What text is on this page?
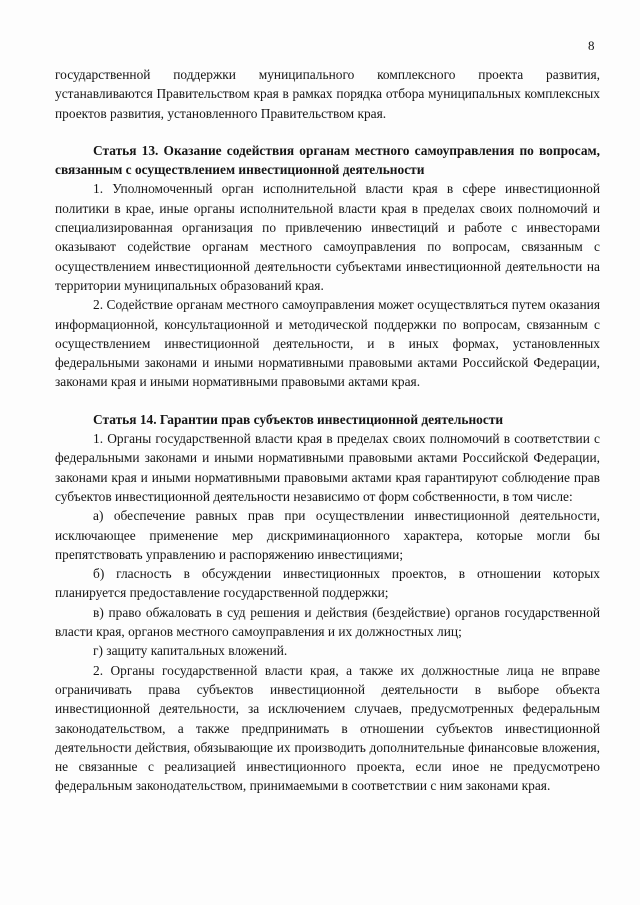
8

государственной поддержки муниципального комплексного проекта развития, устанавливаются Правительством края в рамках порядка отбора муниципальных комплексных проектов развития, установленного Правительством края.

Статья 13. Оказание содействия органам местного самоуправления по вопросам, связанным с осуществлением инвестиционной деятельности

1. Уполномоченный орган исполнительной власти края в сфере инвестиционной политики в крае, иные органы исполнительной власти края в пределах своих полномочий и специализированная организация по привлечению инвестиций и работе с инвесторами оказывают содействие органам местного самоуправления по вопросам, связанным с осуществлением инвестиционной деятельности субъектами инвестиционной деятельности на территории муниципальных образований края.

2. Содействие органам местного самоуправления может осуществляться путем оказания информационной, консультационной и методической поддержки по вопросам, связанным с осуществлением инвестиционной деятельности, и в иных формах, установленных федеральными законами и иными нормативными правовыми актами Российской Федерации, законами края и иными нормативными правовыми актами края.

Статья 14. Гарантии прав субъектов инвестиционной деятельности

1. Органы государственной власти края в пределах своих полномочий в соответствии с федеральными законами и иными нормативными правовыми актами Российской Федерации, законами края и иными нормативными правовыми актами края гарантируют соблюдение прав субъектов инвестиционной деятельности независимо от форм собственности, в том числе:

а) обеспечение равных прав при осуществлении инвестиционной деятельности, исключающее применение мер дискриминационного характера, которые могли бы препятствовать управлению и распоряжению инвестициями;

б) гласность в обсуждении инвестиционных проектов, в отношении которых планируется предоставление государственной поддержки;

в) право обжаловать в суд решения и действия (бездействие) органов государственной власти края, органов местного самоуправления и их должностных лиц;

г) защиту капитальных вложений.

2. Органы государственной власти края, а также их должностные лица не вправе ограничивать права субъектов инвестиционной деятельности в выборе объекта инвестиционной деятельности, за исключением случаев, предусмотренных федеральным законодательством, а также предпринимать в отношении субъектов инвестиционной деятельности действия, обязывающие их производить дополнительные финансовые вложения, не связанные с реализацией инвестиционного проекта, если иное не предусмотрено федеральным законодательством, принимаемыми в соответствии с ним законами края.
